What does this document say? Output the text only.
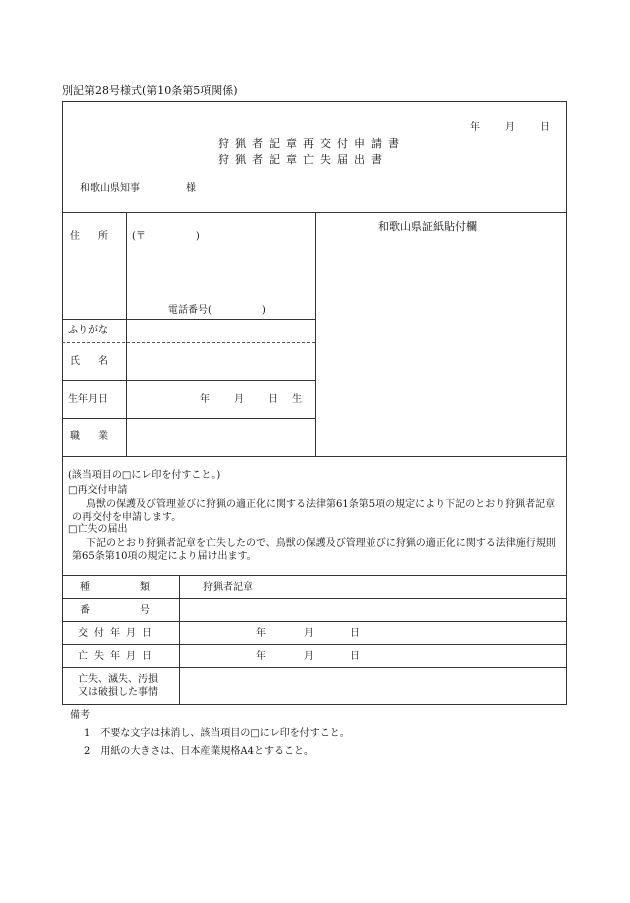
別記第28号様式(第10条第5項関係)
年	月	日
狩猟者記章再交付申請書
狩猟者記章亡失届出書
和歌山県知事	様
住　所 (〒　　　　　)
電話番号(　　　　　)
ふりがな
氏　名
生年月日	年 月 日 生
職　業
和歌山県証紙貼付欄
(該当項目の□にレ印を付すこと。)
□再交付申請
鳥獣の保護及び管理並びに狩猟の適正化に関する法律第61条第5項の規定により下記のとおり狩猟者記章の再交付を申請します。
□亡失の届出
下記のとおり狩猟者記章を亡失したので、鳥獣の保護及び管理並びに狩猟の適正化に関する法律施行規則第65条第10項の規定により届け出ます。
種　類	狩猟者記章
番　号
交付年月日	年	月	日
亡失年月日	年	月	日
亡失、滅失、汚損
又は破損した事情
備考
1　不要な文字は抹消し、該当項目の□にレ印を付すこと。
2　用紙の大きさは、日本産業規格A4とすること。
